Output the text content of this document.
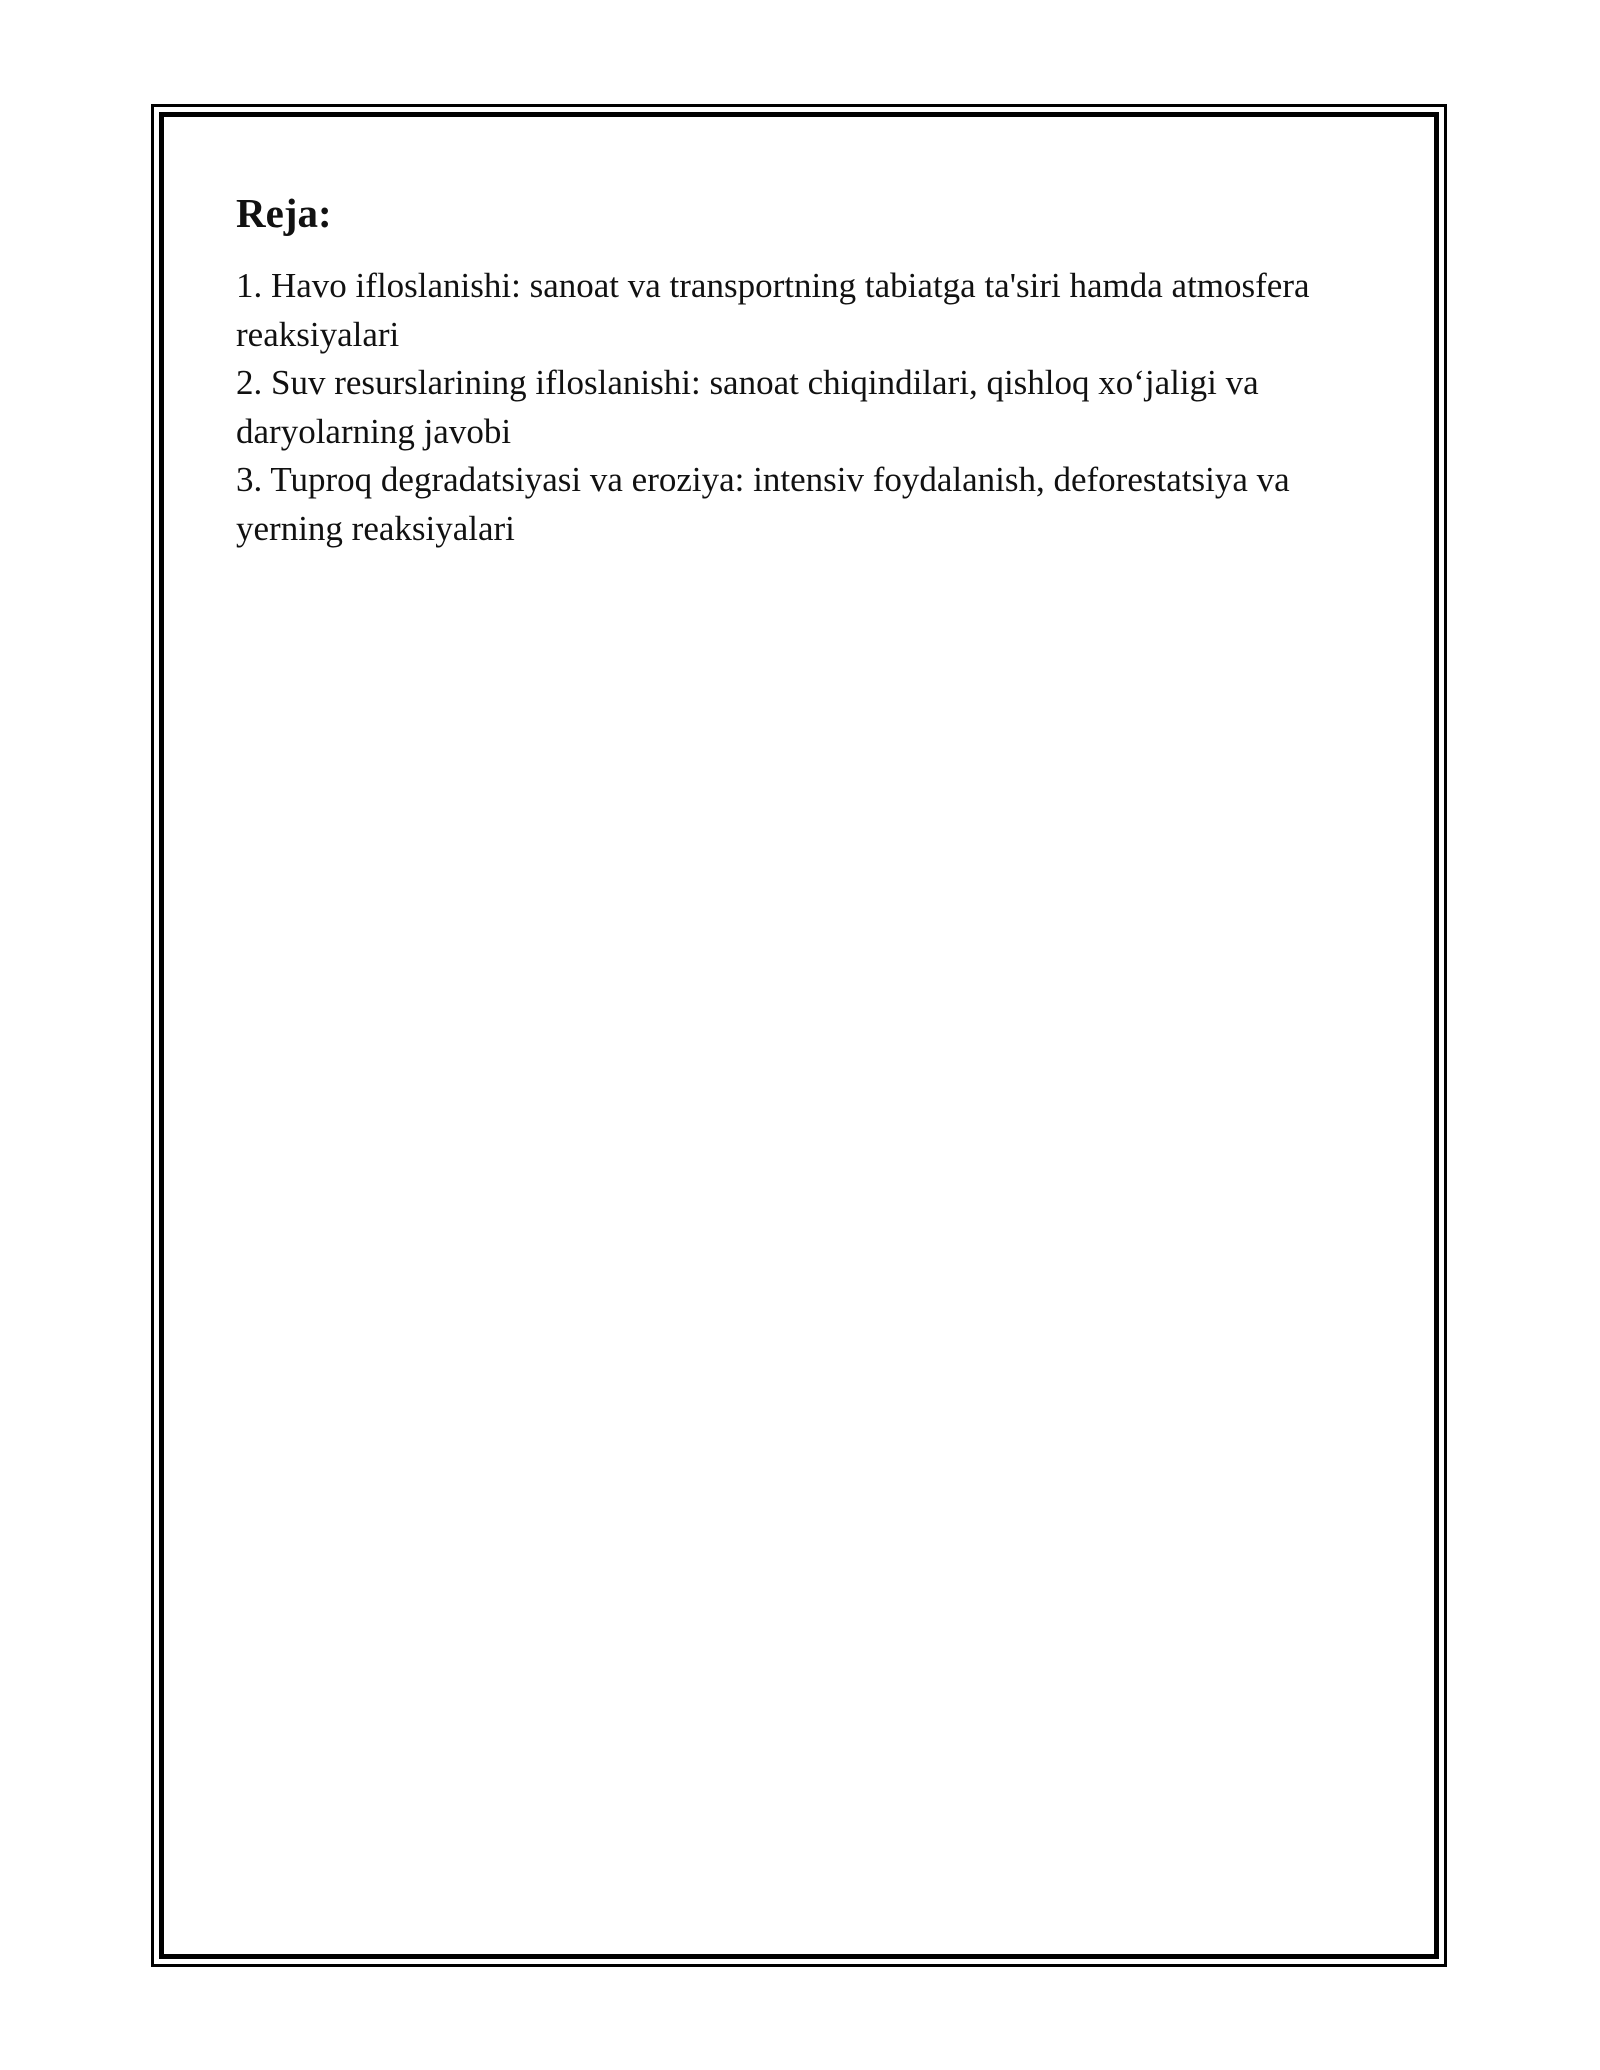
Reja:
1. Havo ifloslanishi: sanoat va transportning tabiatga ta'siri hamda atmosfera reaksiyalari
2. Suv resurslarining ifloslanishi: sanoat chiqindilari, qishloq xo‘jaligi va daryolarning javobi
3. Tuproq degradatsiyasi va eroziya: intensiv foydalanish, deforestatsiya va yerning reaksiyalari
